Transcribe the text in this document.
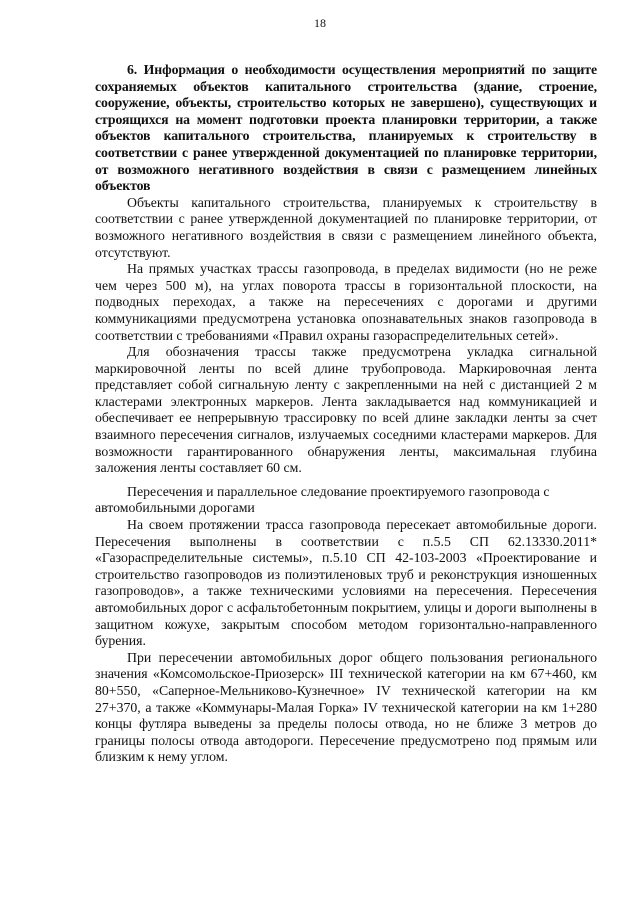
18

6. Информация о необходимости осуществления мероприятий по защите сохраняемых объектов капитального строительства (здание, строение, сооружение, объекты, строительство которых не завершено), существующих и строящихся на момент подготовки проекта планировки территории, а также объектов капитального строительства, планируемых к строительству в соответствии с ранее утвержденной документацией по планировке территории, от возможного негативного воздействия в связи с размещением линейных объектов

Объекты капитального строительства, планируемых к строительству в соответствии с ранее утвержденной документацией по планировке территории, от возможного негативного воздействия в связи с размещением линейного объекта, отсутствуют.

На прямых участках трассы газопровода, в пределах видимости (но не реже чем через 500 м), на углах поворота трассы в горизонтальной плоскости, на подводных переходах, а также на пересечениях с дорогами и другими коммуникациями предусмотрена установка опознавательных знаков газопровода в соответствии с требованиями «Правил охраны газораспределительных сетей».

Для обозначения трассы также предусмотрена укладка сигнальной маркировочной ленты по всей длине трубопровода. Маркировочная лента представляет собой сигнальную ленту с закрепленными на ней с дистанцией 2 м кластерами электронных маркеров. Лента закладывается над коммуникацией и обеспечивает ее непрерывную трассировку по всей длине закладки ленты за счет взаимного пересечения сигналов, излучаемых соседними кластерами маркеров. Для возможности гарантированного обнаружения ленты, максимальная глубина заложения ленты составляет 60 см.

Пересечения и параллельное следование проектируемого газопровода с автомобильными дорогами

На своем протяжении трасса газопровода пересекает автомобильные дороги. Пересечения выполнены в соответствии с п.5.5 СП 62.13330.2011* «Газораспределительные системы», п.5.10 СП 42-103-2003 «Проектирование и строительство газопроводов из полиэтиленовых труб и реконструкция изношенных газопроводов», а также техническими условиями на пересечения. Пересечения автомобильных дорог с асфальтобетонным покрытием, улицы и дороги выполнены в защитном кожухе, закрытым способом методом горизонтально-направленного бурения.

При пересечении автомобильных дорог общего пользования регионального значения «Комсомольское-Приозерск» III технической категории на км 67+460, км 80+550, «Саперное-Мельниково-Кузнечное» IV технической категории на км 27+370, а также «Коммунары-Малая Горка» IV технической категории на км 1+280 концы футляра выведены за пределы полосы отвода, но не ближе 3 метров до границы полосы отвода автодороги. Пересечение предусмотрено под прямым или близким к нему углом.
